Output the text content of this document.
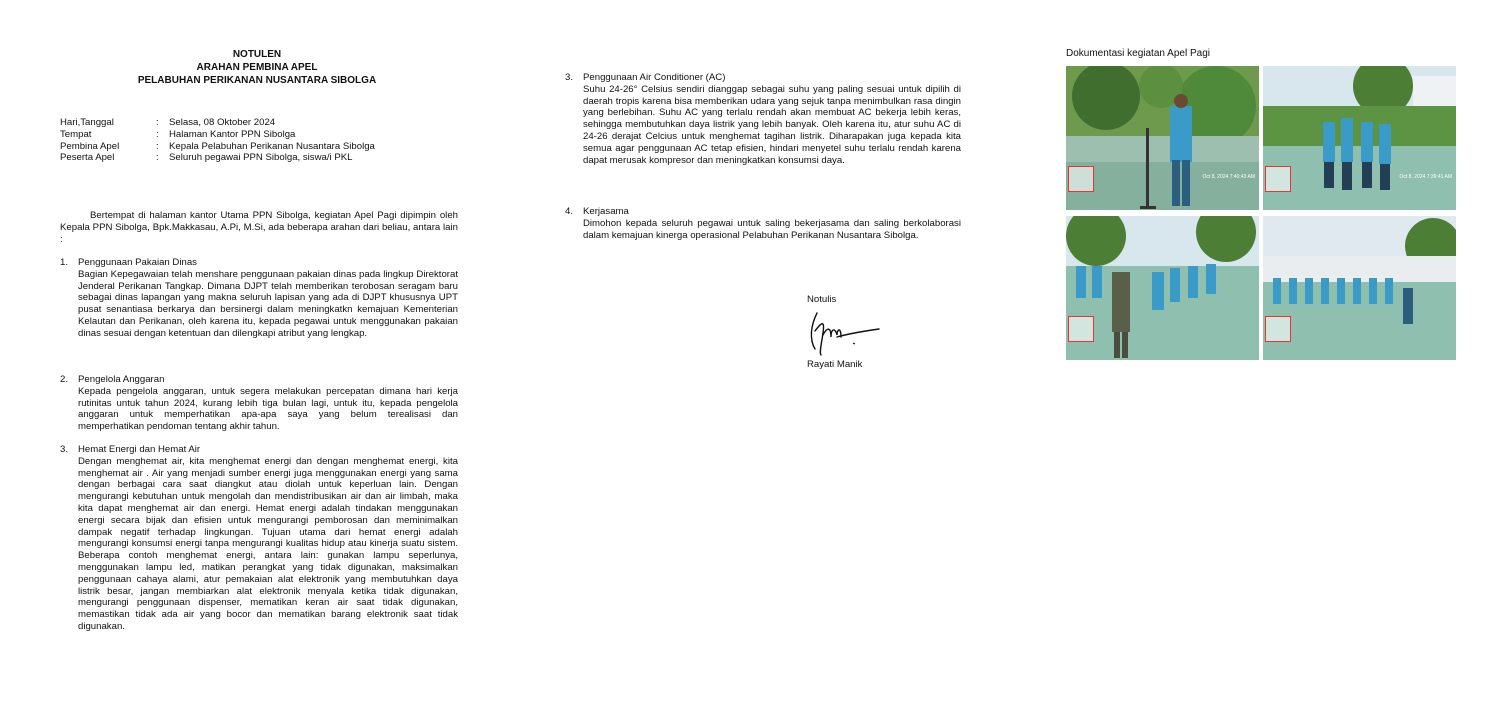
NOTULEN
ARAHAN PEMBINA APEL
PELABUHAN PERIKANAN NUSANTARA SIBOLGA
Hari,Tanggal	:	Selasa, 08 Oktober 2024
Tempat	:	Halaman Kantor PPN Sibolga
Pembina Apel	:	Kepala Pelabuhan Perikanan Nusantara Sibolga
Peserta Apel	:	Seluruh pegawai PPN Sibolga, siswa/i PKL
Bertempat di halaman kantor Utama PPN Sibolga, kegiatan Apel Pagi dipimpin oleh Kepala PPN Sibolga, Bpk.Makkasau, A.Pi, M.Si, ada beberapa arahan dari beliau, antara lain :
1.	Penggunaan Pakaian Dinas
Bagian Kepegawaian telah menshare penggunaan pakaian dinas pada lingkup Direktorat Jenderal Perikanan Tangkap. Dimana DJPT telah memberikan terobosan seragam baru sebagai dinas lapangan yang makna seluruh lapisan yang ada di DJPT khususnya UPT pusat senantiasa berkarya dan bersinergi dalam meningkatkn kemajuan Kementerian Kelautan dan Perikanan, oleh karena itu, kepada pegawai untuk menggunakan pakaian dinas sesuai dengan ketentuan dan dilengkapi atribut yang lengkap.
2.	Pengelola Anggaran
Kepada pengelola anggaran, untuk segera melakukan percepatan dimana hari kerja rutinitas untuk tahun 2024, kurang lebih tiga bulan lagi, untuk itu, kepada pengelola anggaran untuk memperhatikan apa-apa saya yang belum terealisasi dan memperhatikan pendoman tentang akhir tahun.
3.	Hemat Energi dan Hemat Air
Dengan menghemat air, kita menghemat energi dan dengan menghemat energi, kita menghemat air . Air yang menjadi sumber energi juga menggunakan energi yang sama dengan berbagai cara saat diangkut atau diolah untuk keperluan lain. Dengan mengurangi kebutuhan untuk mengolah dan mendistribusikan air dan air limbah, maka kita dapat menghemat air dan energi. Hemat energi adalah tindakan menggunakan energi secara bijak dan efisien untuk mengurangi pemborosan dan meminimalkan dampak negatif terhadap lingkungan. Tujuan utama dari hemat energi adalah mengurangi konsumsi energi tanpa mengurangi kualitas hidup atau kinerja suatu sistem. Beberapa contoh menghemat energi, antara lain: gunakan lampu seperlunya, menggunakan lampu led, matikan perangkat yang tidak digunakan, maksimalkan penggunaan cahaya alami, atur pemakaian alat elektronik yang membutuhkan daya listrik besar, jangan membiarkan alat elektronik menyala ketika tidak digunakan, mengurangi penggunaan dispenser, mematikan keran air saat tidak digunakan, memastikan tidak ada air yang bocor dan mematikan barang elektronik saat tidak digunakan.
3.	Penggunaan Air Conditioner (AC)
Suhu 24-26° Celsius sendiri dianggap sebagai suhu yang paling sesuai untuk dipilih di daerah tropis karena bisa memberikan udara yang sejuk tanpa menimbulkan rasa dingin yang berlebihan. Suhu AC yang terlalu rendah akan membuat AC bekerja lebih keras, sehingga membutuhkan daya listrik yang lebih banyak. Oleh karena itu, atur suhu AC di 24-26 derajat Celcius untuk menghemat tagihan listrik. Diharapakan juga kepada kita semua agar penggunaan AC tetap efisien, hindari menyetel suhu terlalu rendah karena dapat merusak kompresor dan meningkatkan konsumsi daya.
4.	Kerjasama
Dimohon kepada seluruh pegawai untuk saling bekerjasama dan saling berkolaborasi dalam kemajuan kinerga operasional Pelabuhan Perikanan Nusantara Sibolga.
Notulis
Rayati Manik
Dokumentasi kegiatan Apel Pagi
Oct 8, 2024 7:40:43 AM	Oct 8, 2024 7:39:41 AM
